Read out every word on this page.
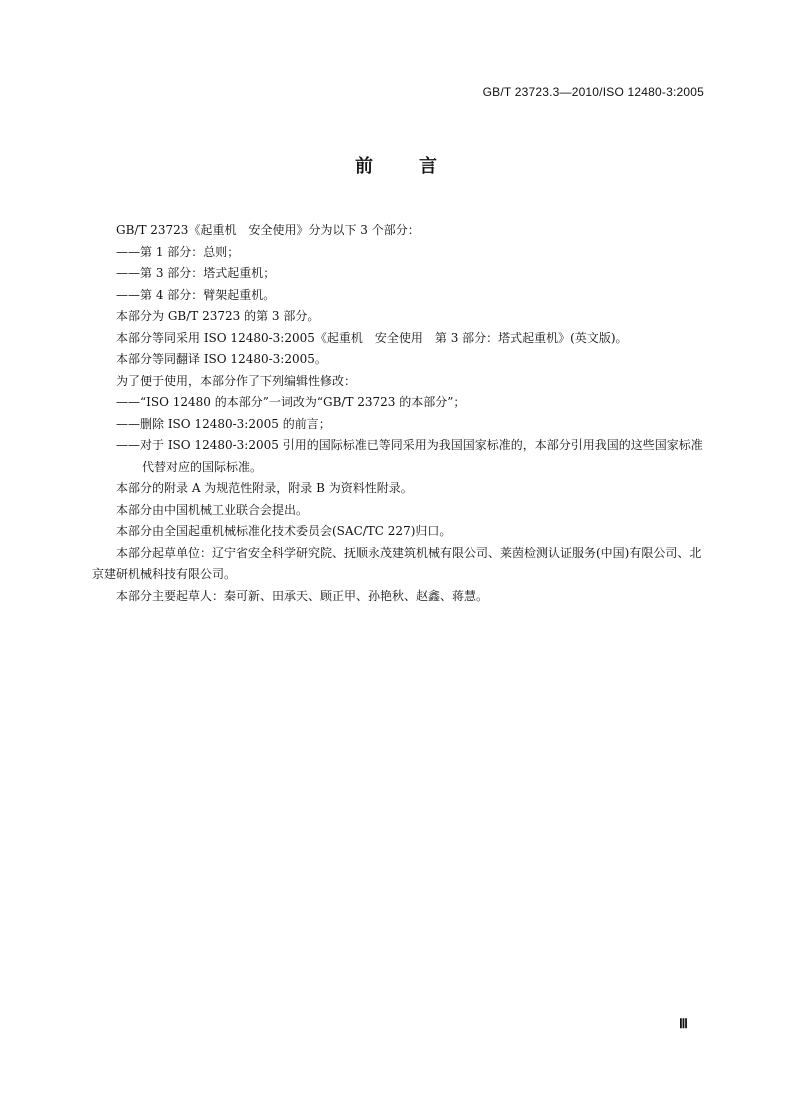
GB/T 23723.3—2010/ISO 12480-3:2005
前言

GB/T 23723《起重机　安全使用》分为以下 3 个部分：

——第 1 部分：总则；

——第 3 部分：塔式起重机；

——第 4 部分：臂架起重机。

本部分为 GB/T 23723 的第 3 部分。

本部分等同采用 ISO 12480-3:2005《起重机　安全使用　第 3 部分：塔式起重机》(英文版)。

本部分等同翻译 ISO 12480-3:2005。

为了便于使用，本部分作了下列编辑性修改：

——“ISO 12480 的本部分”一词改为“GB/T 23723 的本部分”；

——删除 ISO 12480-3:2005 的前言；

——对于 ISO 12480-3:2005 引用的国际标准已等同采用为我国国家标准的，本部分引用我国的这些国家标准代替对应的国际标准。

本部分的附录 A 为规范性附录，附录 B 为资料性附录。

本部分由中国机械工业联合会提出。

本部分由全国起重机械标准化技术委员会(SAC/TC 227)归口。

本部分起草单位：辽宁省安全科学研究院、抚顺永茂建筑机械有限公司、莱茵检测认证服务(中国)有限公司、北京建研机械科技有限公司。

本部分主要起草人：秦可新、田承天、顾正甲、孙艳秋、赵鑫、蒋慧。

Ⅲ
